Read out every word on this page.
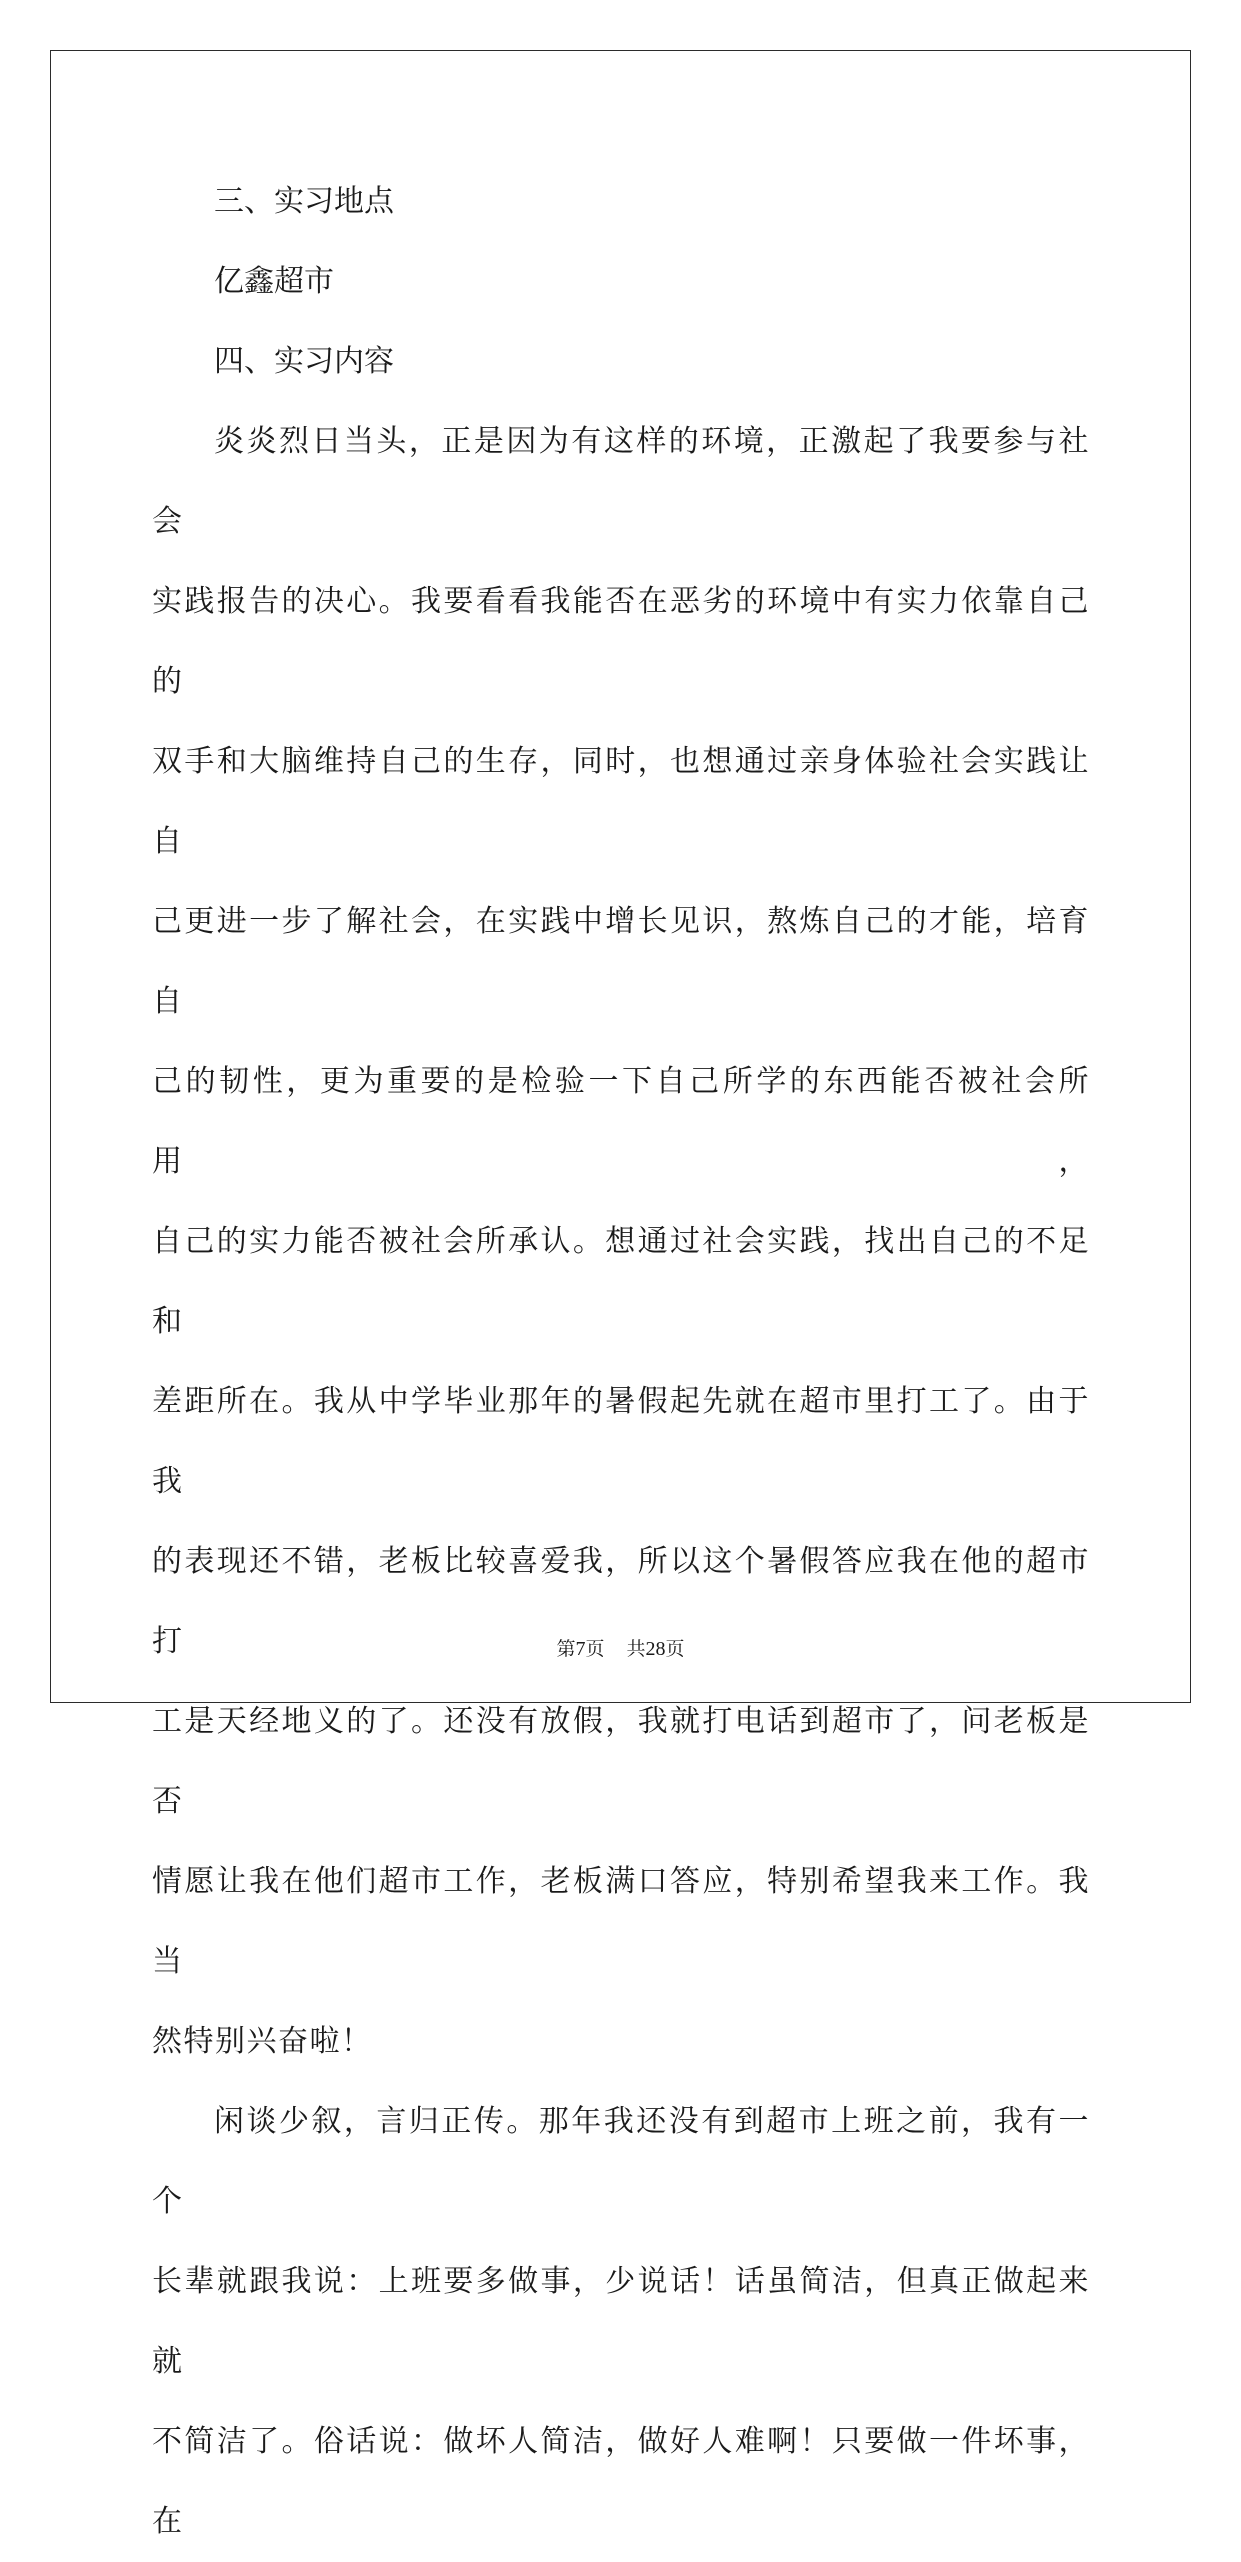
三、实习地点
亿鑫超市
四、实习内容
炎炎烈日当头，正是因为有这样的环境，正激起了我要参与社会
实践报告的决心。我要看看我能否在恶劣的环境中有实力依靠自己的
双手和大脑维持自己的生存，同时，也想通过亲身体验社会实践让自
己更进一步了解社会，在实践中增长见识，熬炼自己的才能，培育自
己的韧性，更为重要的是检验一下自己所学的东西能否被社会所用，
自己的实力能否被社会所承认。想通过社会实践，找出自己的不足和
差距所在。我从中学毕业那年的暑假起先就在超市里打工了。由于我
的表现还不错，老板比较喜爱我，所以这个暑假答应我在他的超市打
工是天经地义的了。还没有放假，我就打电话到超市了，问老板是否
情愿让我在他们超市工作，老板满口答应，特别希望我来工作。我当
然特别兴奋啦！
闲谈少叙，言归正传。那年我还没有到超市上班之前，我有一个
长辈就跟我说：上班要多做事，少说话！话虽简洁，但真正做起来就
不简洁了。俗话说：做坏人简洁，做好人难啊！只要做一件坏事，在
第7页 共28页
